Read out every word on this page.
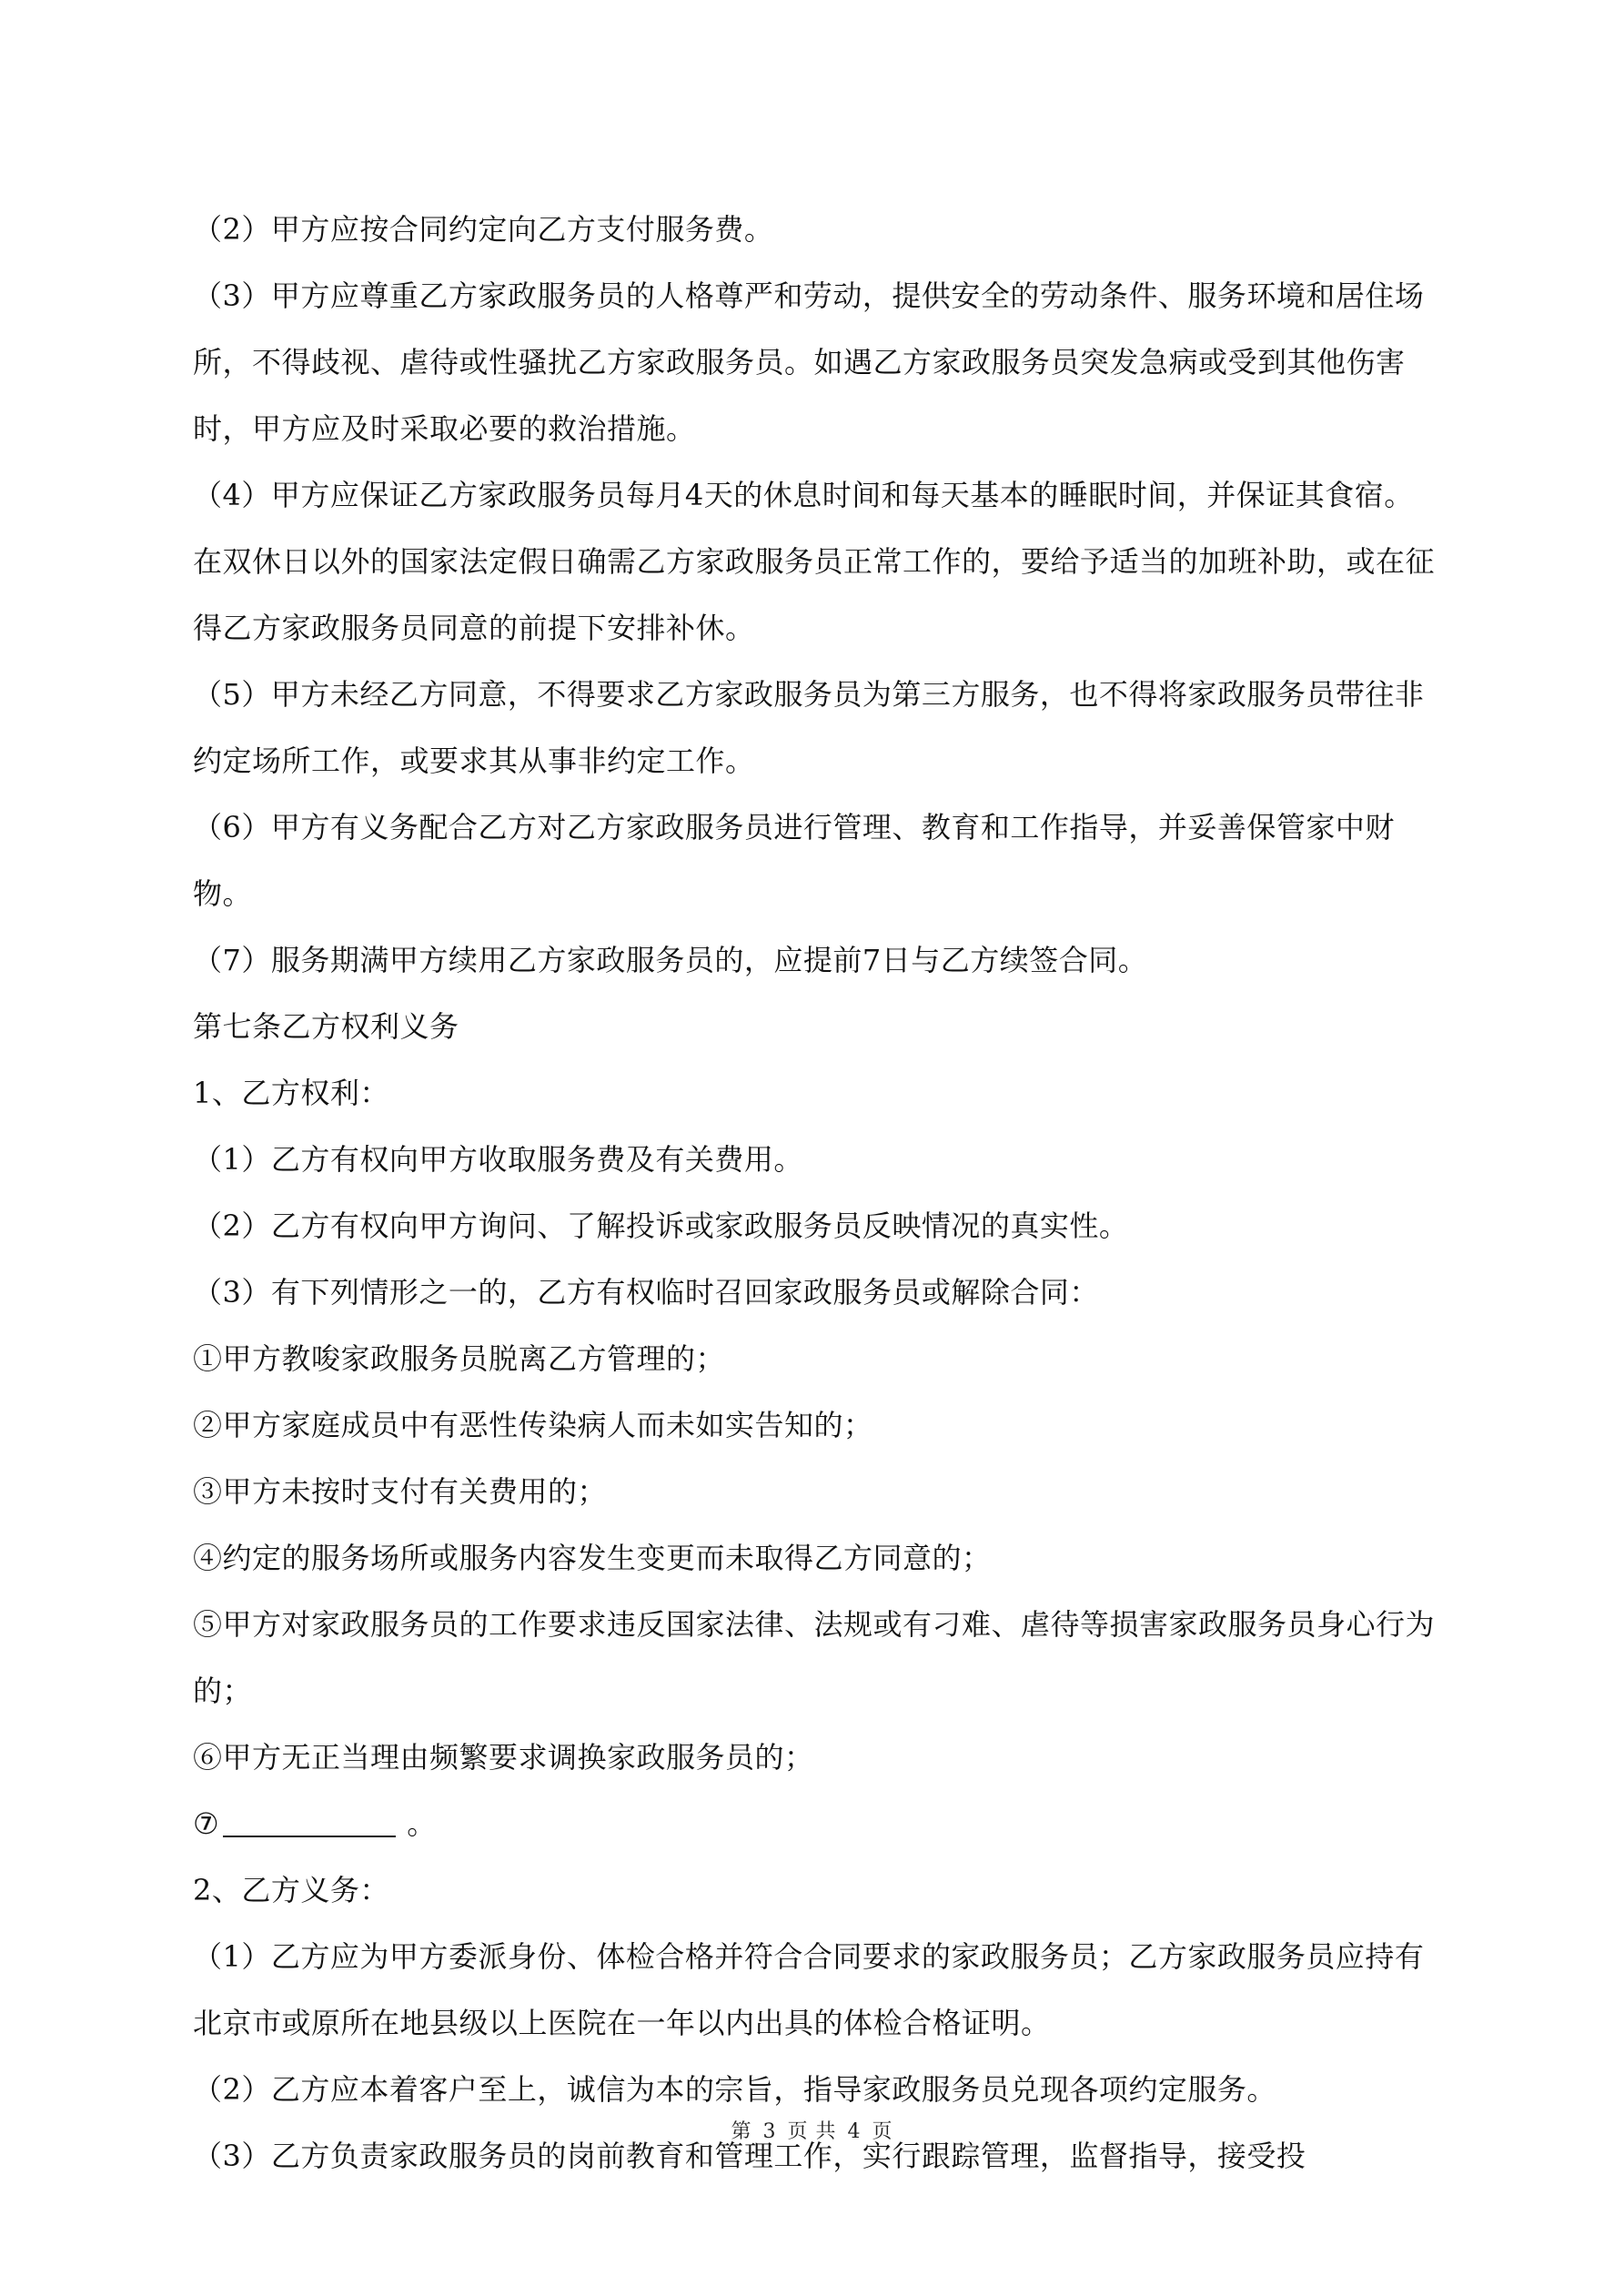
（2）甲方应按合同约定向乙方支付服务费。

（3）甲方应尊重乙方家政服务员的人格尊严和劳动，提供安全的劳动条件、服务环境和居住场所，不得歧视、虐待或性骚扰乙方家政服务员。如遇乙方家政服务员突发急病或受到其他伤害时，甲方应及时采取必要的救治措施。

（4）甲方应保证乙方家政服务员每月4天的休息时间和每天基本的睡眠时间，并保证其食宿。在双休日以外的国家法定假日确需乙方家政服务员正常工作的，要给予适当的加班补助，或在征得乙方家政服务员同意的前提下安排补休。

（5）甲方未经乙方同意，不得要求乙方家政服务员为第三方服务，也不得将家政服务员带往非约定场所工作，或要求其从事非约定工作。

（6）甲方有义务配合乙方对乙方家政服务员进行管理、教育和工作指导，并妥善保管家中财物。

（7）服务期满甲方续用乙方家政服务员的，应提前7日与乙方续签合同。

第七条乙方权利义务

1、乙方权利：

（1）乙方有权向甲方收取服务费及有关费用。

（2）乙方有权向甲方询问、了解投诉或家政服务员反映情况的真实性。

（3）有下列情形之一的，乙方有权临时召回家政服务员或解除合同：

①甲方教唆家政服务员脱离乙方管理的；

②甲方家庭成员中有恶性传染病人而未如实告知的；

③甲方未按时支付有关费用的；

④约定的服务场所或服务内容发生变更而未取得乙方同意的；

⑤甲方对家政服务员的工作要求违反国家法律、法规或有刁难、虐待等损害家政服务员身心行为的；

⑥甲方无正当理由频繁要求调换家政服务员的；

⑦	。

2、乙方义务：

（1）乙方应为甲方委派身份、体检合格并符合合同要求的家政服务员；乙方家政服务员应持有北京市或原所在地县级以上医院在一年以内出具的体检合格证明。

（2）乙方应本着客户至上，诚信为本的宗旨，指导家政服务员兑现各项约定服务。

（3）乙方负责家政服务员的岗前教育和管理工作，实行跟踪管理，监督指导，接受投

第 3 页 共 4 页
